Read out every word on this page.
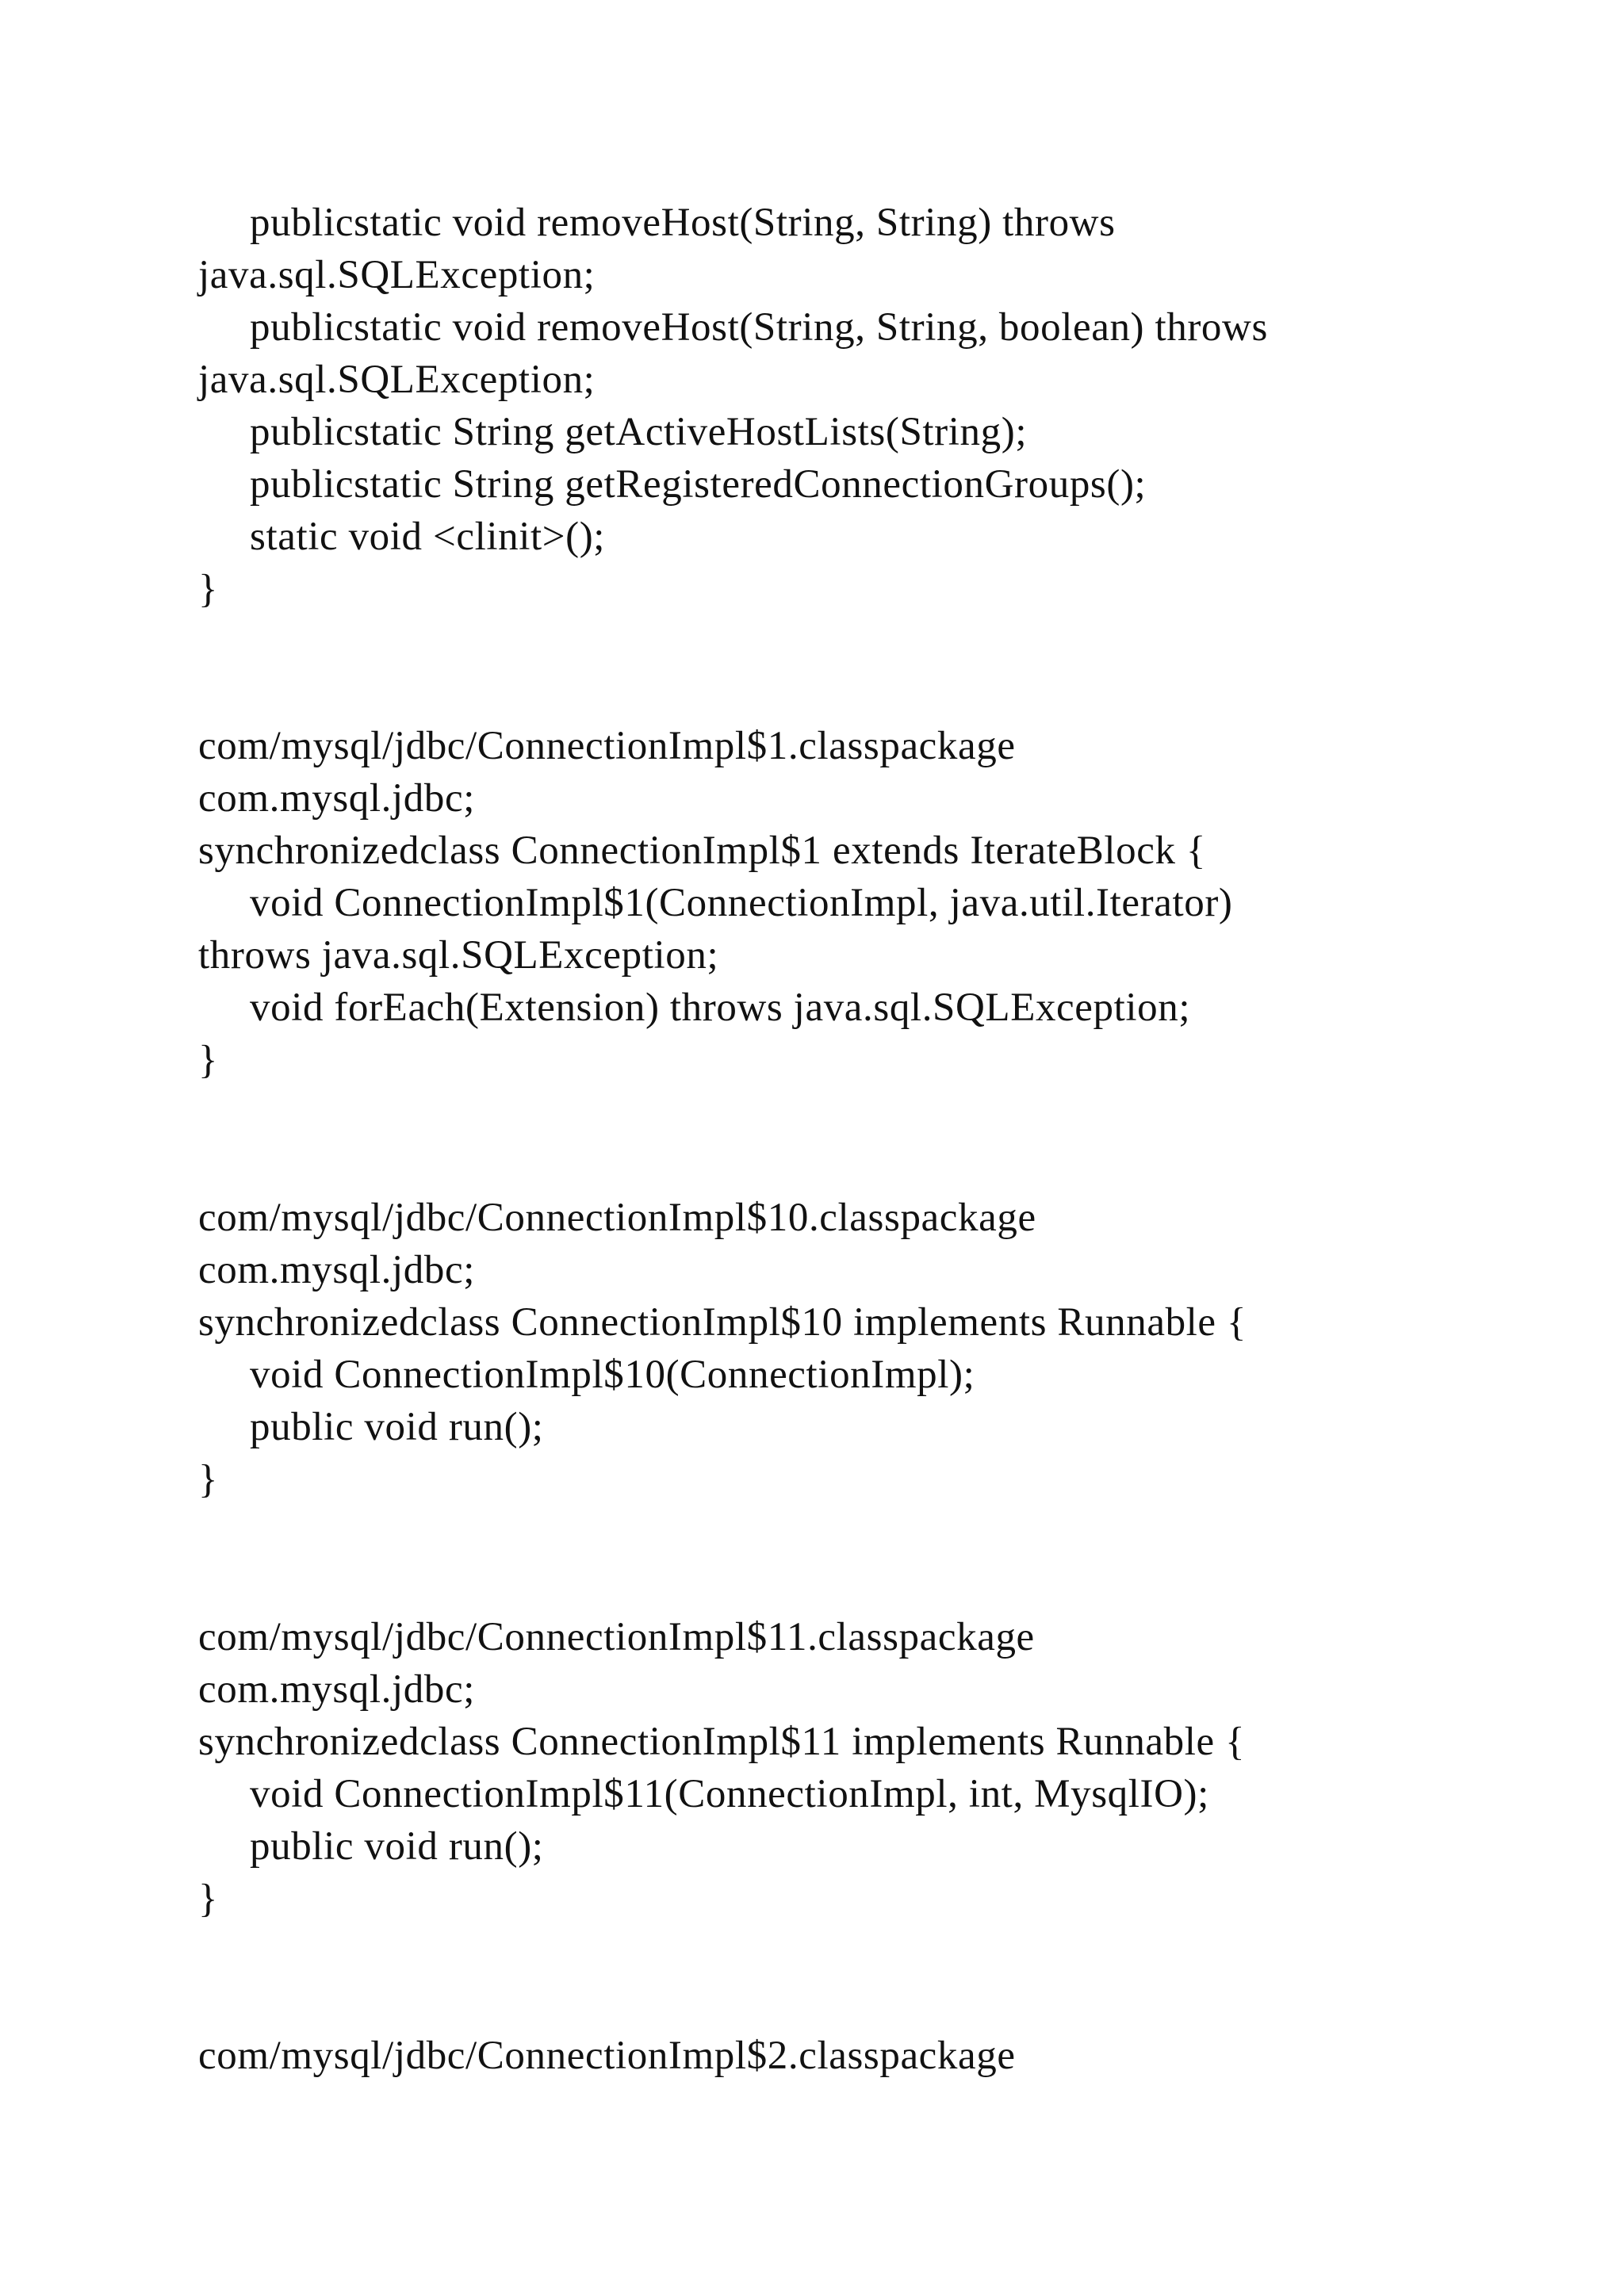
publicstatic void removeHost(String, String) throws

java.sql.SQLException;

publicstatic void removeHost(String, String, boolean) throws

java.sql.SQLException;

publicstatic String getActiveHostLists(String);

publicstatic String getRegisteredConnectionGroups();

static void <clinit>();

}

com/mysql/jdbc/ConnectionImpl$1.classpackage

com.mysql.jdbc;

synchronizedclass ConnectionImpl$1 extends IterateBlock {

void ConnectionImpl$1(ConnectionImpl, java.util.Iterator)

throws java.sql.SQLException;

void forEach(Extension) throws java.sql.SQLException;

}

com/mysql/jdbc/ConnectionImpl$10.classpackage

com.mysql.jdbc;

synchronizedclass ConnectionImpl$10 implements Runnable {

void ConnectionImpl$10(ConnectionImpl);

public void run();

}

com/mysql/jdbc/ConnectionImpl$11.classpackage

com.mysql.jdbc;

synchronizedclass ConnectionImpl$11 implements Runnable {

void ConnectionImpl$11(ConnectionImpl, int, MysqlIO);

public void run();

}

com/mysql/jdbc/ConnectionImpl$2.classpackage
